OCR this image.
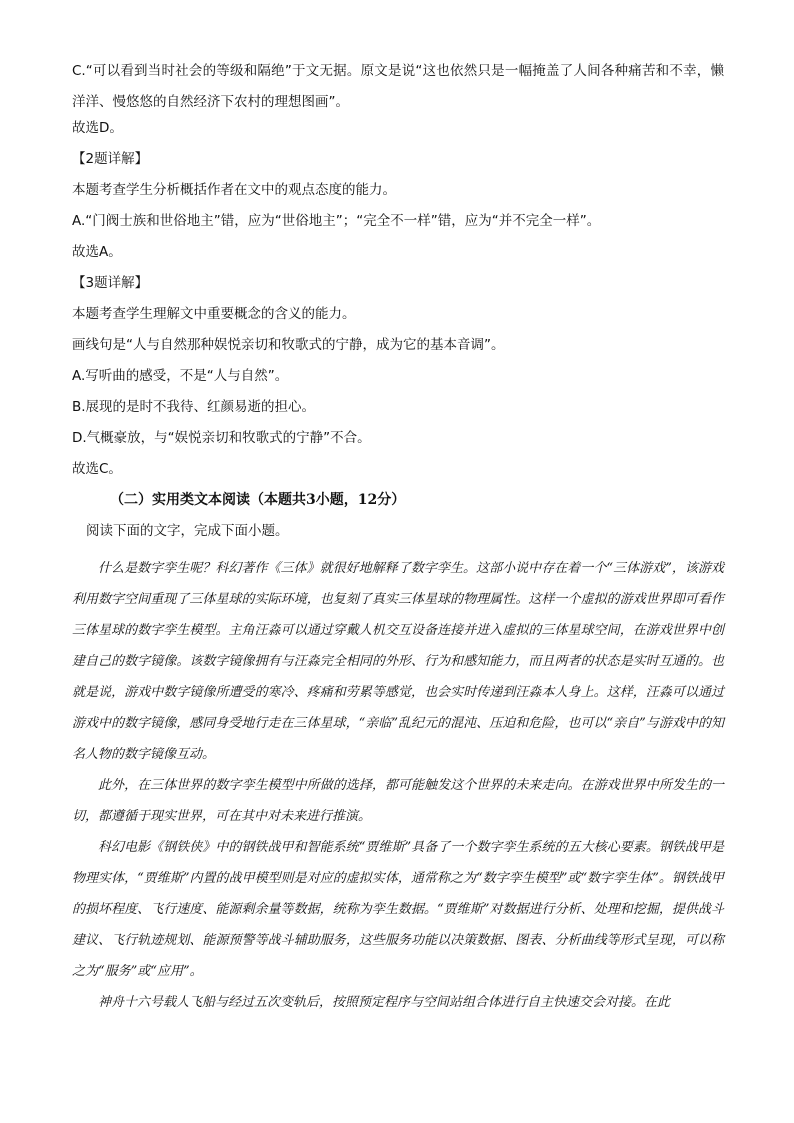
C.“可以看到当时社会的等级和隔绝”于文无据。原文是说“这也依然只是一幅掩盖了人间各种痛苦和不幸，懒洋洋、慢悠悠的自然经济下农村的理想图画”。

故选D。

【2题详解】

本题考查学生分析概括作者在文中的观点态度的能力。

A.“门阀士族和世俗地主”错，应为“世俗地主”；“完全不一样”错，应为“并不完全一样”。

故选A。

【3题详解】

本题考查学生理解文中重要概念的含义的能力。

画线句是“人与自然那种娱悦亲切和牧歌式的宁静，成为它的基本音调”。

A.写听曲的感受，不是“人与自然”。

B.展现的是时不我待、红颜易逝的担心。

D.气概豪放，与“娱悦亲切和牧歌式的宁静”不合。

故选C。

（二）实用类文本阅读（本题共3小题，12分）

阅读下面的文字，完成下面小题。

什么是数字孪生呢？科幻著作《三体》就很好地解释了数字孪生。这部小说中存在着一个“三体游戏”，该游戏利用数字空间重现了三体星球的实际环境，也复刻了真实三体星球的物理属性。这样一个虚拟的游戏世界即可看作三体星球的数字孪生模型。主角汪淼可以通过穿戴人机交互设备连接并进入虚拟的三体星球空间，在游戏世界中创建自己的数字镜像。该数字镜像拥有与汪淼完全相同的外形、行为和感知能力，而且两者的状态是实时互通的。也就是说，游戏中数字镜像所遭受的寒冷、疼痛和劳累等感觉，也会实时传递到汪淼本人身上。这样，汪淼可以通过游戏中的数字镜像，感同身受地行走在三体星球，“亲临”乱纪元的混沌、压迫和危险，也可以“亲自”与游戏中的知名人物的数字镜像互动。

此外，在三体世界的数字孪生模型中所做的选择，都可能触发这个世界的未来走向。在游戏世界中所发生的一切，都遵循于现实世界，可在其中对未来进行推演。

科幻电影《钢铁侠》中的钢铁战甲和智能系统“贾维斯”具备了一个数字孪生系统的五大核心要素。钢铁战甲是物理实体，“贾维斯”内置的战甲模型则是对应的虚拟实体，通常称之为“数字孪生模型”或“数字孪生体”。钢铁战甲的损坏程度、飞行速度、能源剩余量等数据，统称为孪生数据。“贾维斯”对数据进行分析、处理和挖掘，提供战斗建议、飞行轨迹规划、能源预警等战斗辅助服务，这些服务功能以决策数据、图表、分析曲线等形式呈现，可以称之为“服务”或“应用”。

神舟十六号载人飞船与经过五次变轨后，按照预定程序与空间站组合体进行自主快速交会对接。在此
